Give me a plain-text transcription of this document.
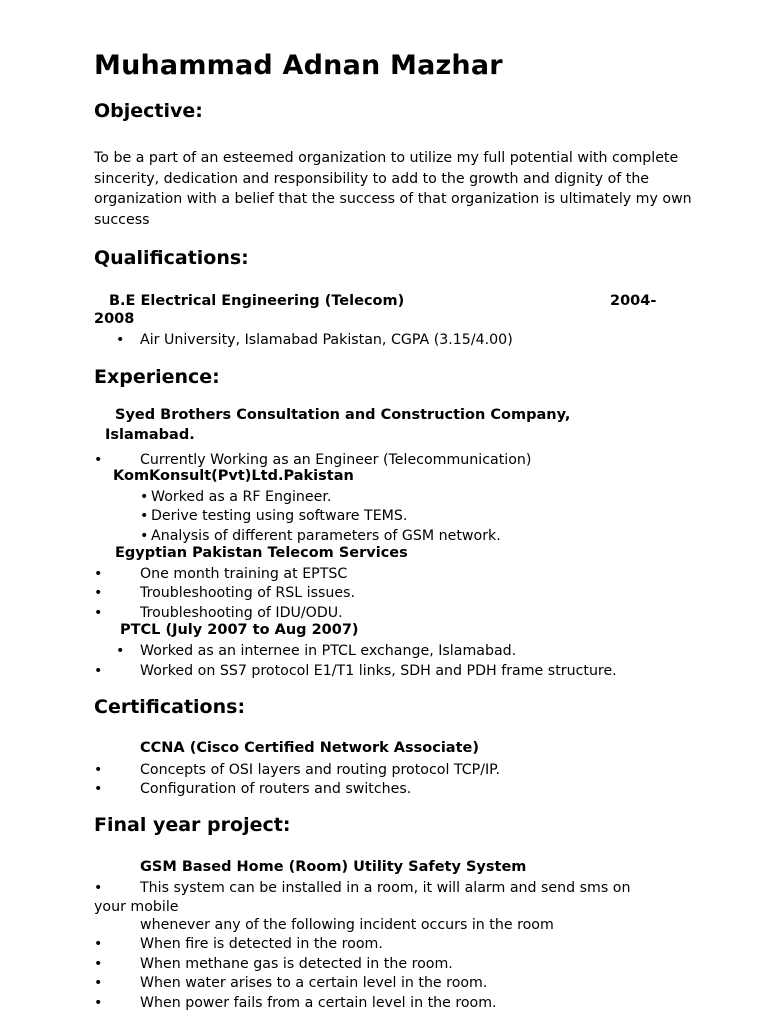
Muhammad Adnan Mazhar
Objective:
To be a part of an esteemed organization to utilize my full potential with complete sincerity, dedication and responsibility to add to the growth and dignity of the organization with a belief that the success of that organization is ultimately my own success
Qualifications:
B.E Electrical Engineering (Telecom)	2004-
2008
• Air University, Islamabad Pakistan, CGPA (3.15/4.00)
Experience:
Syed Brothers Consultation and Construction Company,
Islamabad.
•	Currently Working as an Engineer (Telecommunication)
KomKonsult(Pvt)Ltd.Pakistan
• Worked as a RF Engineer.
• Derive testing using software TEMS.
• Analysis of different parameters of GSM network.
Egyptian Pakistan Telecom Services
•	One month training at EPTSC
•	Troubleshooting of RSL issues.
•	Troubleshooting of IDU/ODU.
PTCL (July 2007 to Aug 2007)
• Worked as an internee in PTCL exchange, Islamabad.
•	Worked on SS7 protocol E1/T1 links, SDH and PDH frame structure.
Certifications:
CCNA (Cisco Certified Network Associate)
•	Concepts of OSI layers and routing protocol TCP/IP.
•	Configuration of routers and switches.
Final year project:
GSM Based Home (Room) Utility Safety System
•	This system can be installed in a room, it will alarm and send sms on
your mobile
whenever any of the following incident occurs in the room
•	When fire is detected in the room.
•	When methane gas is detected in the room.
•	When water arises to a certain level in the room.
•	When power fails from a certain level in the room.
